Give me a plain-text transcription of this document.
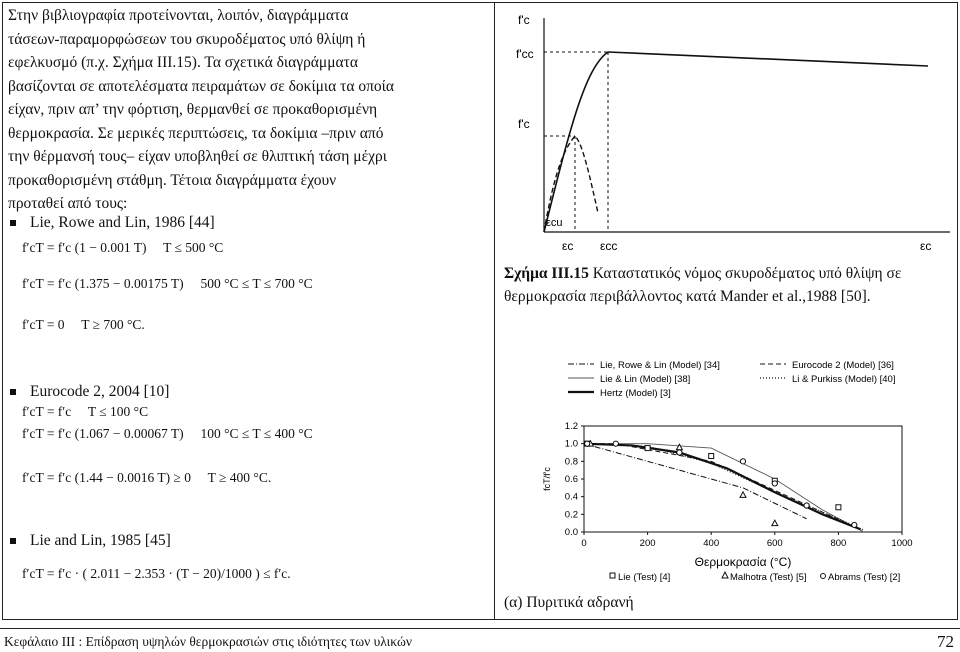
Στην βιβλιογραφία προτείνονται, λοιπόν, διαγράμματα
τάσεων-παραμορφώσεων του σκυροδέματος υπό θλίψη ή
εφελκυσμό (π.χ. Σχήμα ΙΙΙ.15). Τα σχετικά διαγράμματα
βασίζονται σε αποτελέσματα πειραμάτων σε δοκίμια τα οποία
είχαν, πριν απ’ την φόρτιση, θερμανθεί σε προκαθορισμένη
θερμοκρασία. Σε μερικές περιπτώσεις, τα δοκίμια –πριν από
την θέρμανσή τους– είχαν υποβληθεί σε θλιπτική τάση μέχρι
προκαθορισμένη στάθμη. Τέτοια διαγράμματα έχουν
προταθεί από τους:
Lie, Rowe and Lin, 1986 [44]
f′cT = f′c (1 − 0.001 T)     T ≤ 500 °C
f′cT = f′c (1.375 − 0.00175 T)     500 °C ≤ T ≤ 700 °C
f′cT = 0     T ≥ 700 °C.
Eurocode 2, 2004 [10]
f′cT = f′c     T ≤ 100 °C
f′cT = f′c (1.067 − 0.00067 T)     100 °C ≤ T ≤ 400 °C
f′cT = f′c (1.44 − 0.0016 T) ≥ 0     T ≥ 400 °C.
Lie and Lin, 1985 [45]
f′cT = f′c · ( 2.011 − 2.353 · (T − 20)/1000 ) ≤ f′c.
f'c
f'cc
f'c
εcu
εc εcc	εc
Σχήμα ΙΙΙ.15 Καταστατικός νόμος σκυροδέματος υπό θλίψη σε θερμοκρασία περιβάλλοντος κατά Mander et al.,1988 [50].
Lie, Rowe & Lin (Model) [34]	Eurocode 2 (Model) [36]
Lie & Lin (Model) [38]	Li & Purkiss (Model) [40]
Hertz (Model) [3]
0	200	400	600	800	1000
0.0
0.2
0.4
0.6
0.8
1.0
1.2
Θερμοκρασία (°C)
fcT/f'c
Lie (Test) [4]	Malhotra (Test) [5] Abrams (Test) [2]
(α) Πυριτικά αδρανή
Κεφάλαιο ΙΙΙ : Επίδραση υψηλών θερμοκρασιών στις ιδιότητες των υλικών	72
